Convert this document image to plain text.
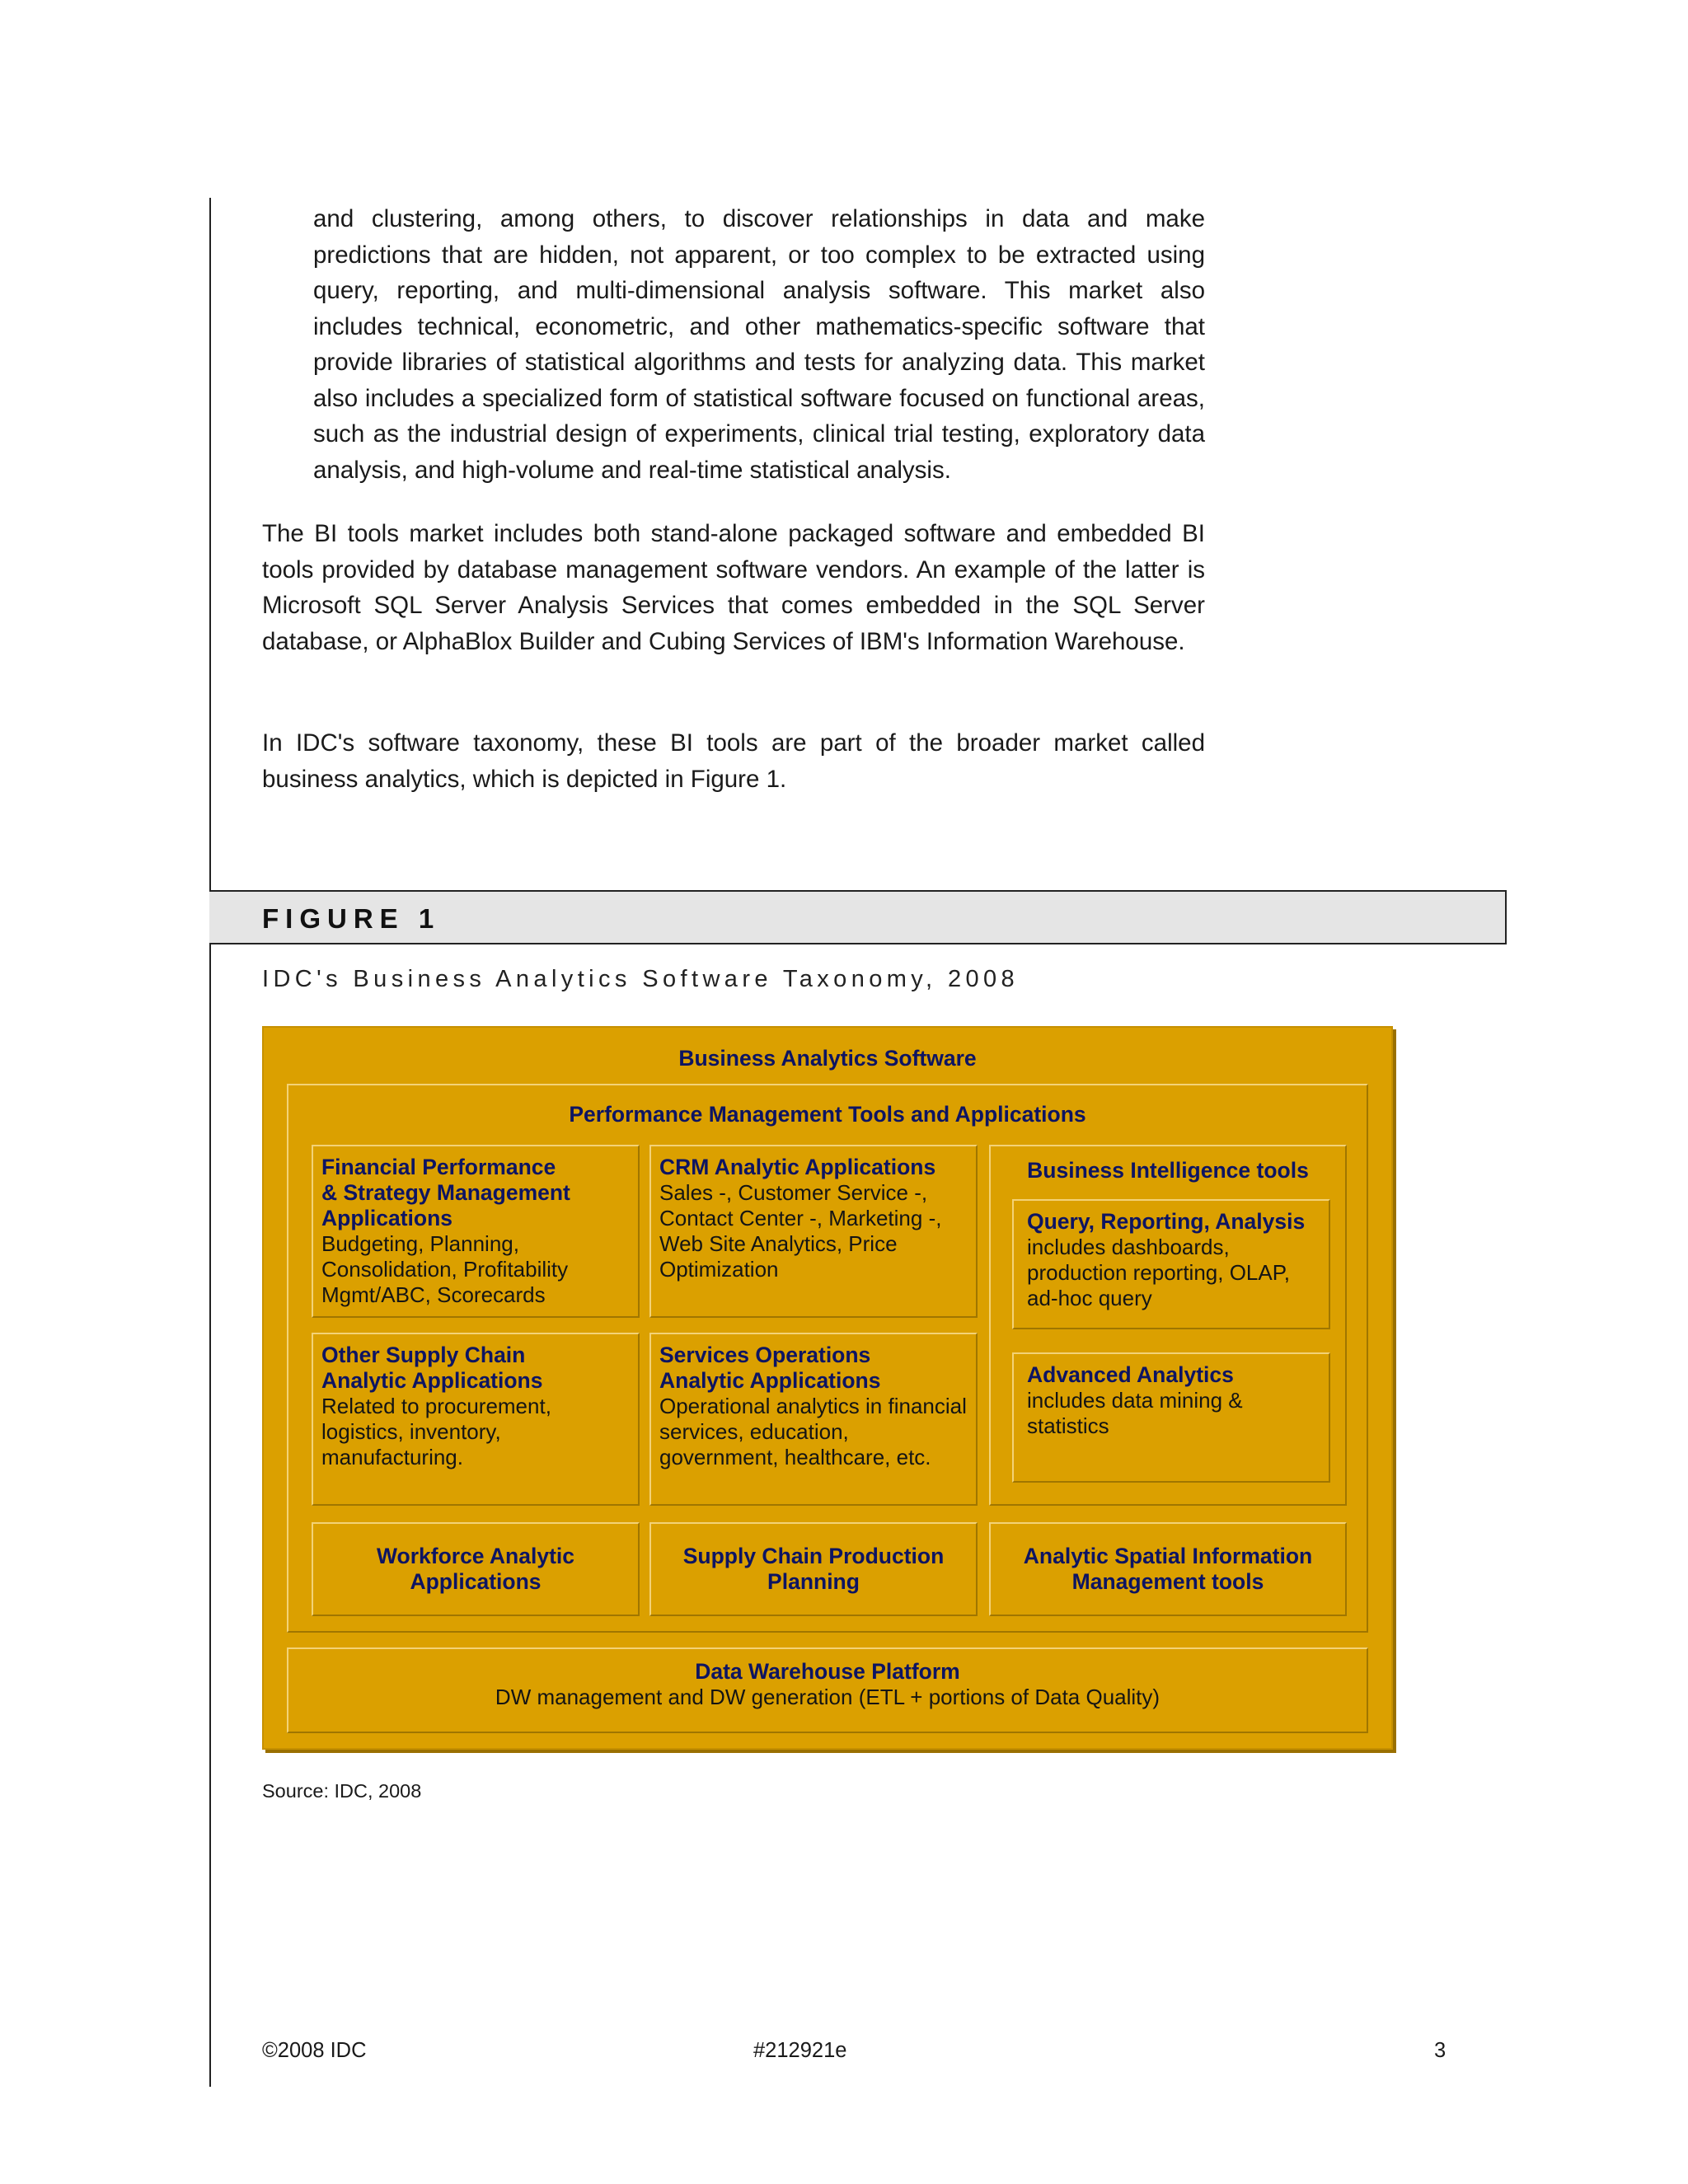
and clustering, among others, to discover relationships in data and make predictions that are hidden, not apparent, or too complex to be extracted using query, reporting, and multi-dimensional analysis software. This market also includes technical, econometric, and other mathematics-specific software that provide libraries of statistical algorithms and tests for analyzing data. This market also includes a specialized form of statistical software focused on functional areas, such as the industrial design of experiments, clinical trial testing, exploratory data analysis, and high-volume and real-time statistical analysis.

The BI tools market includes both stand-alone packaged software and embedded BI tools provided by database management software vendors. An example of the latter is Microsoft SQL Server Analysis Services that comes embedded in the SQL Server database, or AlphaBlox Builder and Cubing Services of IBM's Information Warehouse.

In IDC's software taxonomy, these BI tools are part of the broader market called business analytics, which is depicted in Figure 1.

FIGURE 1
IDC's Business Analytics Software Taxonomy, 2008
Business Analytics Software
Performance Management Tools and Applications
Financial Performance
& Strategy Management
Applications
Budgeting, Planning,
Consolidation, Profitability
Mgmt/ABC, Scorecards
CRM Analytic Applications
Sales -, Customer Service -,
Contact Center -, Marketing -,
Web Site Analytics, Price
Optimization
Other Supply Chain
Analytic Applications
Related to procurement,
logistics, inventory,
manufacturing.
Services Operations
Analytic Applications
Operational analytics in financial
services, education,
government, healthcare, etc.
Business Intelligence tools
Query, Reporting, Analysis
includes dashboards,
production reporting, OLAP,
ad-hoc query
Advanced Analytics
includes data mining &
statistics
Workforce Analytic
Applications
Supply Chain Production
Planning
Analytic Spatial Information
Management tools
Data Warehouse Platform
DW management and DW generation (ETL + portions of Data Quality)
Source: IDC, 2008
©2008 IDC	#212921e	3
